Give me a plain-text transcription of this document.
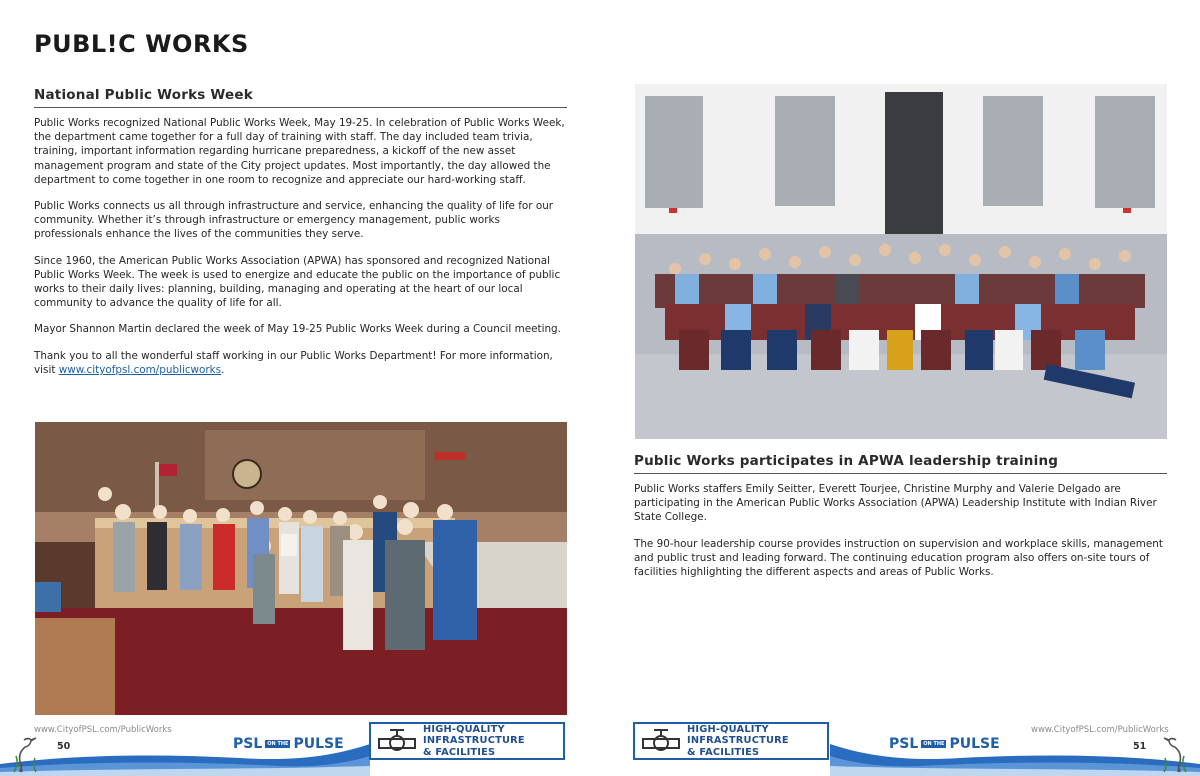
PUBL!C WORKS
National Public Works Week

Public Works recognized National Public Works Week, May 19-25. In celebration of Public Works Week, the department came together for a full day of training with staff. The day included team trivia, training, important information regarding hurricane preparedness, a kickoff of the new asset management program and state of the City project updates. Most importantly, the day allowed the department to come together in one room to recognize and appreciate our hard-working staff.

Public Works connects us all through infrastructure and service, enhancing the quality of life for our community. Whether it’s through infrastructure or emergency management, public works professionals enhance the lives of the communities they serve.

Since 1960, the American Public Works Association (APWA) has sponsored and recognized National Public Works Week. The week is used to energize and educate the public on the importance of public works to their daily lives: planning, building, managing and operating at the heart of our local community to advance the quality of life for all.

Mayor Shannon Martin declared the week of May 19-25 Public Works Week during a Council meeting.

Thank you to all the wonderful staff working in our Public Works Department! For more information, visit www.cityofpsl.com/publicworks.

www.CityofPSL.com/PublicWorks
50	PSL	ON THE PULSE
HIGH-QUALITY
INFRASTRUCTURE
& FACILITIES
Public Works participates in APWA leadership training

Public Works staffers Emily Seitter, Everett Tourjee, Christine Murphy and Valerie Delgado are participating in the American Public Works Association (APWA) Leadership Institute with Indian River State College.

The 90-hour leadership course provides instruction on supervision and workplace skills, management and public trust and leading forward. The continuing education program also offers on-site tours of facilities highlighting the different aspects and areas of Public Works.

HIGH-QUALITY
INFRASTRUCTURE
& FACILITIES
PSL	ON THE PULSE
www.CityofPSL.com/PublicWorks
51
